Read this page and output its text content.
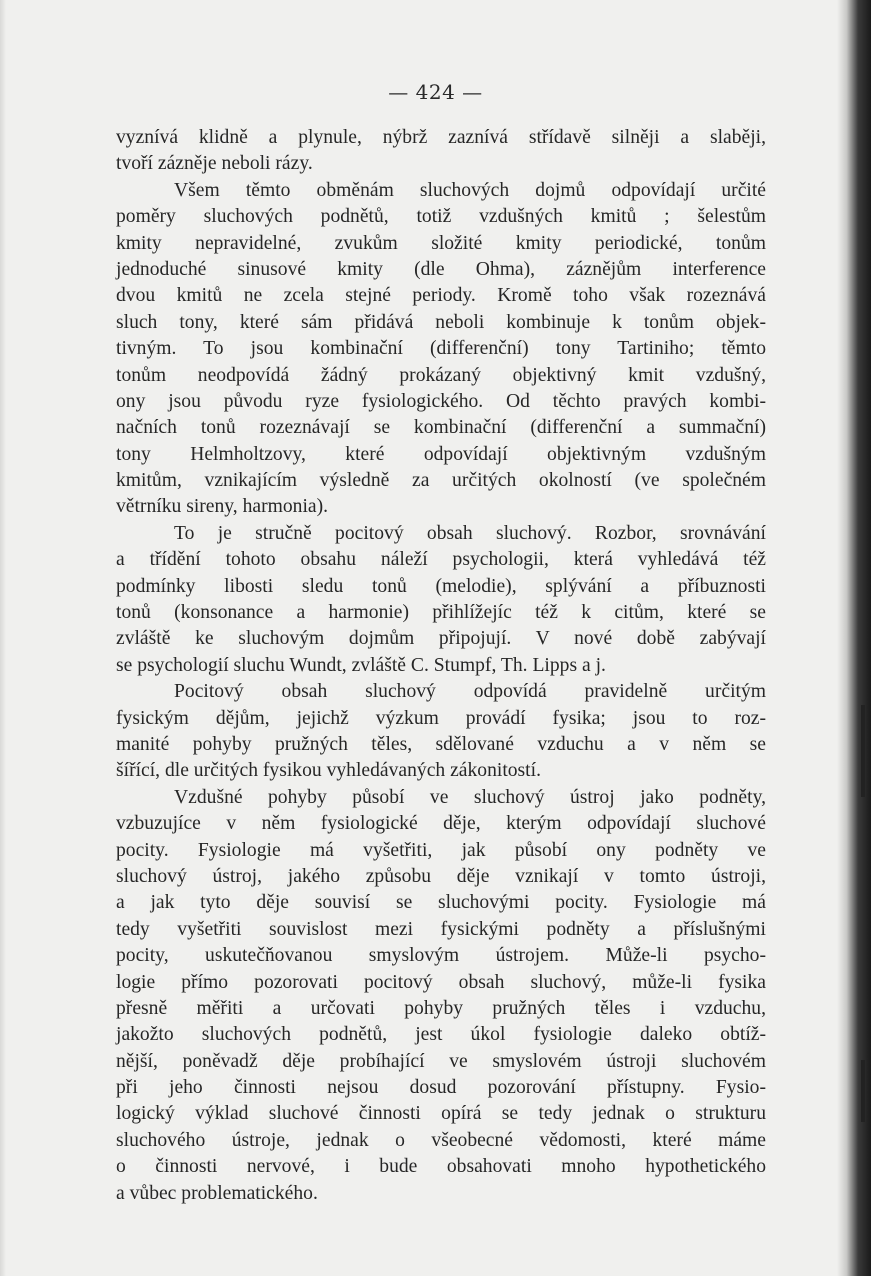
— 424 —
vyznívá klidně a plynule, nýbrž zaznívá střídavě silněji a slaběji,
tvoří zázněje neboli rázy.
Všem těmto obměnám sluchových dojmů odpovídají určité
poměry sluchových podnětů, totiž vzdušných kmitů ; šelestům
kmity nepravidelné, zvukům složité kmity periodické, tonům
jednoduché sinusové kmity (dle Ohma), záznějům interference
dvou kmitů ne zcela stejné periody. Kromě toho však rozeznává
sluch tony, které sám přidává neboli kombinuje k tonům objek-
tivným. To jsou kombinační (differenční) tony Tartiniho; těmto
tonům neodpovídá žádný prokázaný objektivný kmit vzdušný,
ony jsou původu ryze fysiologického. Od těchto pravých kombi-
načních tonů rozeznávají se kombinační (differenční a summační)
tony Helmholtzovy, které odpovídají objektivným vzdušným
kmitům, vznikajícím výsledně za určitých okolností (ve společném
větrníku sireny, harmonia).
To je stručně pocitový obsah sluchový. Rozbor, srovnávání
a třídění tohoto obsahu náleží psychologii, která vyhledává též
podmínky libosti sledu tonů (melodie), splývání a příbuznosti
tonů (konsonance a harmonie) přihlížejíc též k citům, které se
zvláště ke sluchovým dojmům připojují. V nové době zabývají
se psychologií sluchu Wundt, zvláště C. Stumpf, Th. Lipps a j.
Pocitový obsah sluchový odpovídá pravidelně určitým
fysickým dějům, jejichž výzkum provádí fysika; jsou to roz-
manité pohyby pružných těles, sdělované vzduchu a v něm se
šířící, dle určitých fysikou vyhledávaných zákonitostí.
Vzdušné pohyby působí ve sluchový ústroj jako podněty,
vzbuzujíce v něm fysiologické děje, kterým odpovídají sluchové
pocity. Fysiologie má vyšetřiti, jak působí ony podněty ve
sluchový ústroj, jakého způsobu děje vznikají v tomto ústroji,
a jak tyto děje souvisí se sluchovými pocity. Fysiologie má
tedy vyšetřiti souvislost mezi fysickými podněty a příslušnými
pocity, uskutečňovanou smyslovým ústrojem. Může-li psycho-
logie přímo pozorovati pocitový obsah sluchový, může-li fysika
přesně měřiti a určovati pohyby pružných těles i vzduchu,
jakožto sluchových podnětů, jest úkol fysiologie daleko obtíž-
nější, poněvadž děje probíhající ve smyslovém ústroji sluchovém
při jeho činnosti nejsou dosud pozorování přístupny. Fysio-
logický výklad sluchové činnosti opírá se tedy jednak o strukturu
sluchového ústroje, jednak o všeobecné vědomosti, které máme
o činnosti nervové, i bude obsahovati mnoho hypothetického
a vůbec problematického.
